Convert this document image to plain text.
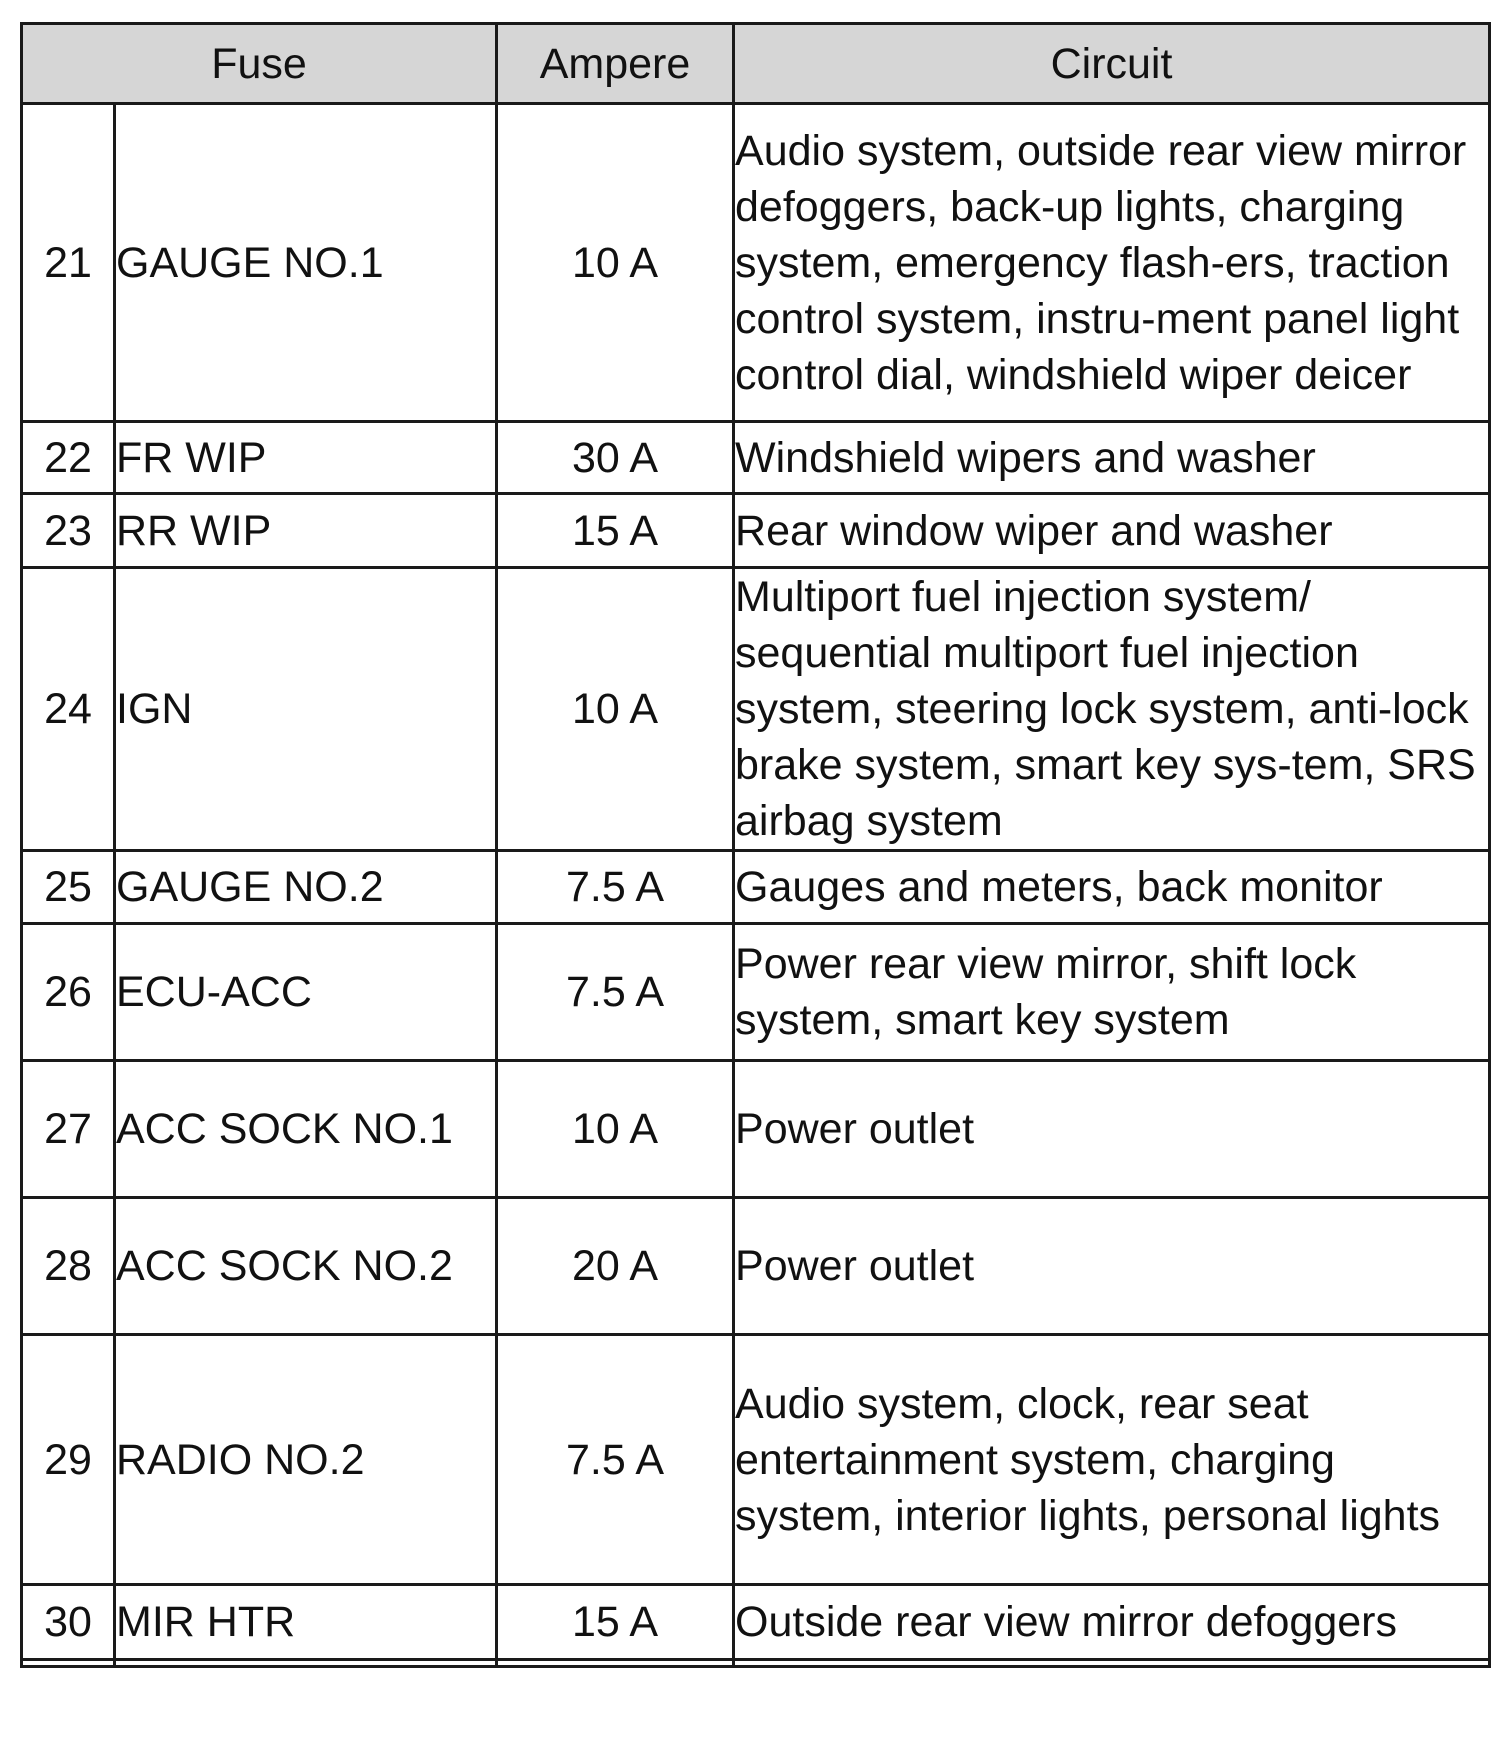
Fuse		Ampere	Circuit
21	GAUGE NO.1	10 A	Audio system, outside rear view mirror defoggers, back-up lights, charging system, emergency flash-ers, traction control system, instru-ment panel light control dial, windshield wiper deicer
22	FR WIP	30 A	Windshield wipers and washer
23	RR WIP	15 A	Rear window wiper and washer
24	IGN	10 A	Multiport fuel injection system/ sequential multiport fuel injection system, steering lock system, anti-lock brake system, smart key sys-tem, SRS airbag system
25	GAUGE NO.2	7.5 A	Gauges and meters, back monitor
26	ECU-ACC	7.5 A	Power rear view mirror, shift lock system, smart key system
27	ACC SOCK NO.1	10 A	Power outlet
28	ACC SOCK NO.2	20 A	Power outlet
29	RADIO NO.2	7.5 A	Audio system, clock, rear seat entertainment system, charging system, interior lights, personal lights
30	MIR HTR	15 A	Outside rear view mirror defoggers
